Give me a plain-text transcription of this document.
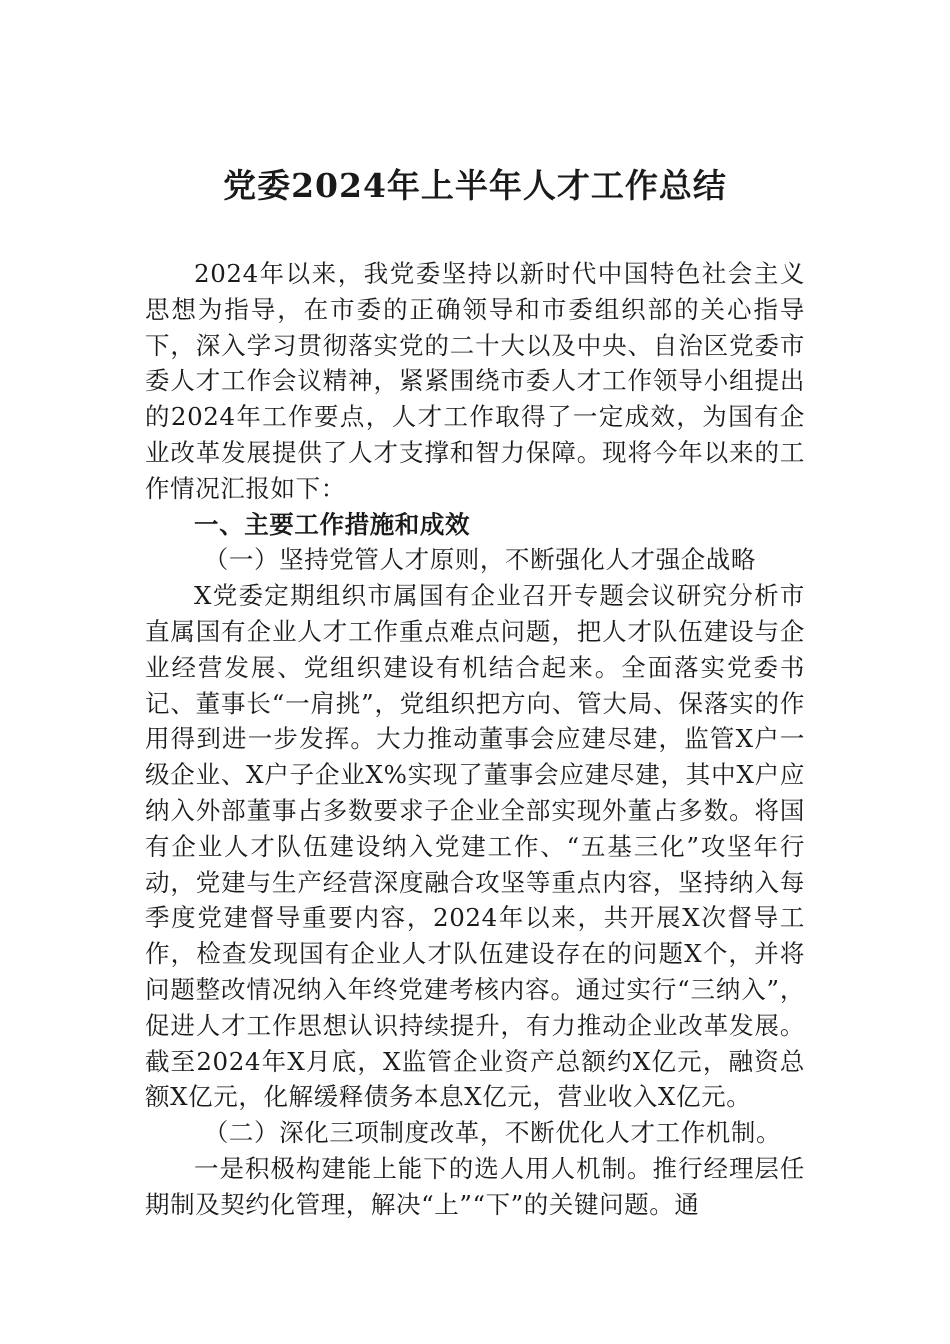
党委2024年上半年人才工作总结

2024年以来，我党委坚持以新时代中国特色社会主义思想为指导，在市委的正确领导和市委组织部的关心指导下，深入学习贯彻落实党的二十大以及中央、自治区党委市委人才工作会议精神，紧紧围绕市委人才工作领导小组提出的2024年工作要点，人才工作取得了一定成效，为国有企业改革发展提供了人才支撑和智力保障。现将今年以来的工作情况汇报如下：

一、主要工作措施和成效

（一）坚持党管人才原则，不断强化人才强企战略

X党委定期组织市属国有企业召开专题会议研究分析市直属国有企业人才工作重点难点问题，把人才队伍建设与企业经营发展、党组织建设有机结合起来。全面落实党委书记、董事长“一肩挑”，党组织把方向、管大局、保落实的作用得到进一步发挥。大力推动董事会应建尽建，监管X户一级企业、X户子企业X%实现了董事会应建尽建，其中X户应纳入外部董事占多数要求子企业全部实现外董占多数。将国有企业人才队伍建设纳入党建工作、“五基三化”攻坚年行动，党建与生产经营深度融合攻坚等重点内容，坚持纳入每季度党建督导重要内容，2024年以来，共开展X次督导工作，检查发现国有企业人才队伍建设存在的问题X个，并将问题整改情况纳入年终党建考核内容。通过实行“三纳入”，促进人才工作思想认识持续提升，有力推动企业改革发展。截至2024年X月底，X监管企业资产总额约X亿元，融资总额X亿元，化解缓释债务本息X亿元，营业收入X亿元。

（二）深化三项制度改革，不断优化人才工作机制。

一是积极构建能上能下的选人用人机制。推行经理层任期制及契约化管理，解决“上”“下”的关键问题。通
